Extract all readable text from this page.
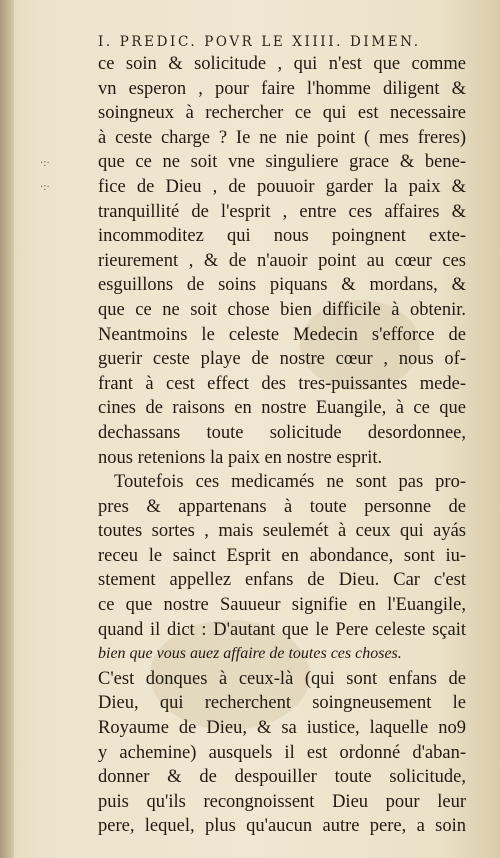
·:·
·:·
I. PREDIC. POVR LE XIIII. DIMEN.
ce soin & solicitude , qui n'est que comme
vn esperon , pour faire l'homme diligent &
soingneux à rechercher ce qui est necessaire
à ceste charge ? Ie ne nie point ( mes freres)
que ce ne soit vne singuliere grace & bene-
fice de Dieu , de pouuoir garder la paix &
tranquillité de l'esprit , entre ces affaires &
incommoditez qui nous poingnent exte-
rieurement , & de n'auoir point au cœur ces
esguillons de soins piquans & mordans, &
que ce ne soit chose bien difficile à obtenir.
Neantmoins le celeste Medecin s'efforce de
guerir ceste playe de nostre cœur , nous of-
frant à cest effect des tres-puissantes mede-
cines de raisons en nostre Euangile, à ce que
dechassans toute solicitude desordonnee,
nous retenions la paix en nostre esprit.
Toutefois ces medicamés ne sont pas pro-
pres & appartenans à toute personne de
toutes sortes , mais seulemét à ceux qui ayás
receu le sainct Esprit en abondance, sont iu-
stement appellez enfans de Dieu. Car c'est
ce que nostre Sauueur signifie en l'Euangile,
quand il dict : D'autant que le Pere celeste sçait
bien que vous auez affaire de toutes ces choses.
C'est donques à ceux-là (qui sont enfans de
Dieu, qui recherchent soingneusement le
Royaume de Dieu, & sa iustice, laquelle no9
y achemine) ausquels il est ordonné d'aban-
donner & de despouiller toute solicitude,
puis qu'ils recongnoissent Dieu pour leur
pere, lequel, plus qu'aucun autre pere, a soin
